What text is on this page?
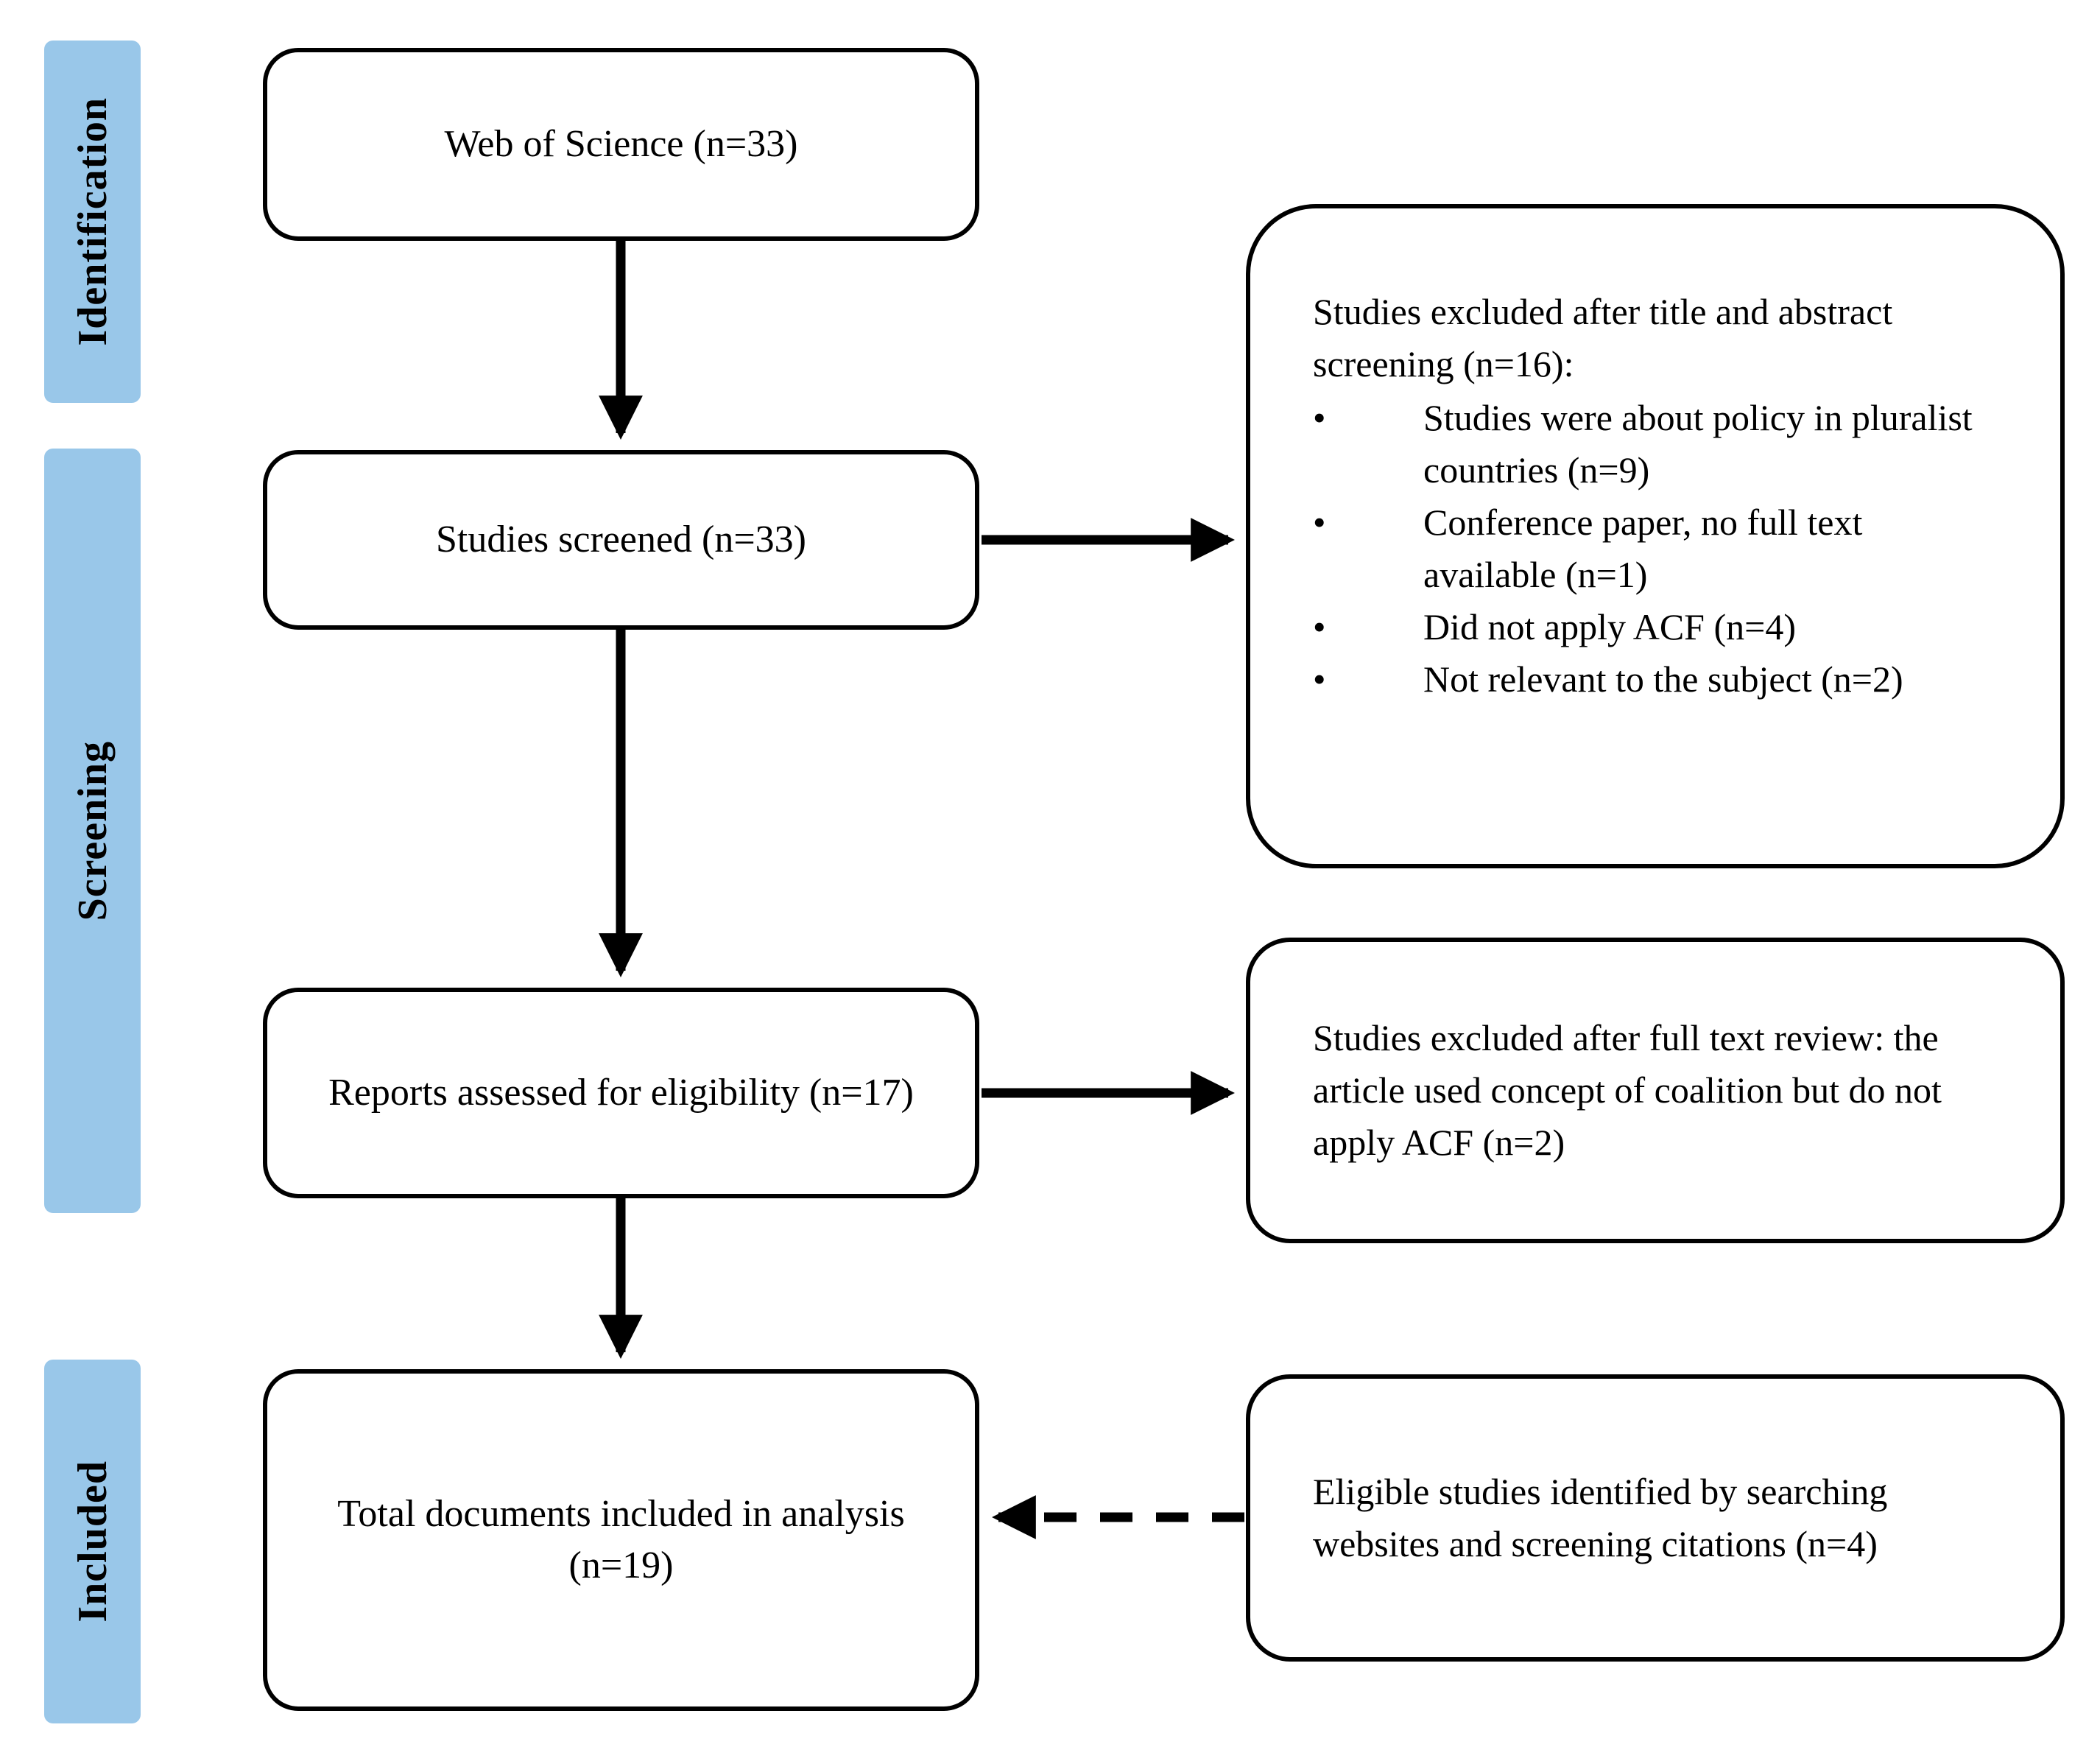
Identification
Screening
Included
Web of Science (n=33)
Studies screened (n=33)
Reports assessed for eligibility (n=17)
Total documents included in analysis (n=19)
Studies excluded after title and abstract screening (n=16):
•	Studies were about policy in pluralist countries (n=9)
•	Conference paper, no full text available (n=1)
•	Did not apply ACF (n=4)
•	Not relevant to the subject (n=2)
Studies excluded after full text review: the article used concept of coalition but do not apply ACF (n=2)
Eligible studies identified by searching websites and screening citations (n=4)
